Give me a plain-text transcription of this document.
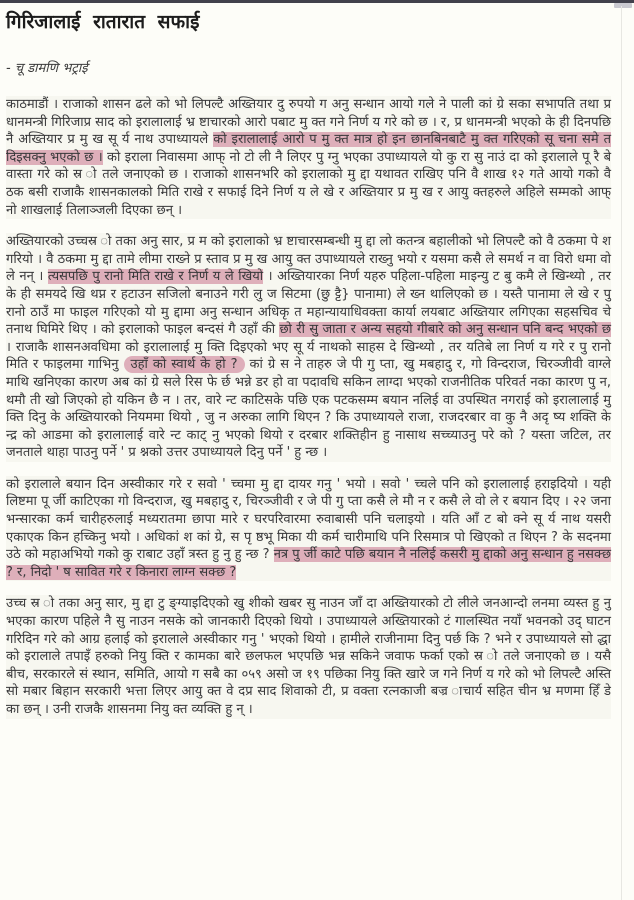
गिरिजालाई रातारात सफाई
- चू डामणि भट्राई

काठमाडौं । राजाको शासन ढले को भो लिपल्टै अख्तियार दु रुपयो ग अनु सन्धान आयो गले ने पाली कां ग्रे सका सभापति तथा प्र धानमन्त्री गिरिजाप्र साद को इरालालाई भ्र ष्टाचारको आरो पबाट मु क्त गने निर्ण य गरे को छ । र, प्र धानमन्त्री भएको के ही दिनपछि नै अख्तियार प्र मु ख सू र्य नाथ उपाध्यायले को इरालालाई आरो प मु क्त मात्र हो इन छानबिनबाटै मु क्त गरिएको सू चना समे त दिइसक्नु भएको छ । को इराला निवासमा आफ् नो टो ली नै लिएर पु ग्नु भएका उपाध्यायले यो कु रा सु नाउं दा को इरालाले पू रै बे वास्ता गरे को स्र ो तले जनाएको छ । राजाको शासनभरि को इरालाको मु द्दा यथावत राखिए पनि वै शाख १२ गते आयो गको वै ठक बसी राजाकै शासनकालको मिति राखे र सफाई दिने निर्ण य ले खे र अख्तियार प्र मु ख र आयु क्तहरुले अहिले सम्मको आफ् नो शाखलाई तिलाञ्जली दिएका छन् ।

अख्तियारको उच्चस्र ो तका अनु सार, प्र म को इरालाको भ्र ष्टाचारसम्बन्धी मु द्दा लो कतन्त्र बहालीको भो लिपल्टै को वै ठकमा पे श गरियो । वै ठकमा मु द्दा तामे लीमा राख्ने प्र स्ताव प्र मु ख आयु क्त उपाध्यायले राख्नु भयो र यसमा कसै ले समर्थ न वा विरो धमा वो ले नन् । त्यसपछि पु रानो मिति राखे र निर्ण य ले खियो । अख्तियारका निर्ण यहरु पहिला-पहिला माइन्यु ट बु कमै ले खिन्थ्यो , तर के ही समयदे खि थप्न र हटाउन सजिलो बनाउने गरी लु ज सिटमा (छु ट्टै} पानामा) ले ख्न थालिएको छ । यस्तै पानामा ले खे र पु रानो ठाउँ मा फाइल गरिएको यो मु द्दामा अनु सन्धान अधिकृ त महान्यायाधिवक्ता कार्या लयबाट अख्तियार लगिएका सहसचिव चे तनाथ घिमिरे थिए । को इरालाको फाइल बन्दसं गै उहाँ की छो री सु जाता र अन्य सहयो गीबारे को अनु सन्धान पनि बन्द भएको छ । राजाकै शासनअवधिमा को इरालालाई मु क्ति दिइएको भए सू र्य नाथको साहस दे खिन्थ्यो , तर यतिबे ला निर्ण य गरे र पु रानो मिति र फाइलमा गाभिनु उहाँ को स्वार्थ के हो ? कां ग्रे स ने ताहरु जे पी गु प्ता, खु मबहादु र, गो विन्दराज, चिरञ्जीवी वाग्ले माथि खनिएका कारण अब कां ग्रे सले रिस फे र्छ भन्ने डर हो वा पदावधि सकिन लाग्दा भएको राजनीतिक परिवर्त नका कारण पु न, थमौ ती खो जिएको हो यकिन छै न । तर, वारे न्ट काटिसके पछि एक पटकसम्म बयान नलिई वा उपस्थित नगराई को इरालालाई मु क्ति दिनु के अख्तियारको नियममा थियो , जु न अरुका लागि थिएन ? कि उपाध्यायले राजा, राजदरबार वा कु नै अदृ ष्य शक्ति के न्द्र को आडमा को इरालालाई वारे न्ट काट् नु भएको थियो र दरबार शक्तिहीन हु नासाथ सच्च्याउनु परे को ? यस्ता जटिल, तर जनताले थाहा पाउनु पर्ने ' प्र श्नको उत्तर उपाध्यायले दिनु पर्ने ' हु न्छ ।

को इरालाले बयान दिन अस्वीकार गरे र सवो ' च्चमा मु द्दा दायर गनु ' भयो । सवो ' च्चले पनि को इरालालाई हराइदियो । यही लिष्टमा पू र्जी काटिएका गो विन्दराज, खु मबहादु र, चिरञ्जीवी र जे पी गु प्ता कसै ले मौ न र कसै ले वो ले र बयान दिए । २२ जना भन्सारका कर्म चारीहरुलाई मध्यरातमा छापा मारे र घरपरिवारमा रुवाबासी पनि चलाइयो । यति आँ ट बो क्ने सू र्य नाथ यसरी एकाएक किन हच्किनु भयो । अधिकां श कां ग्रे, स पृ ष्ठभू मिका यी कर्म चारीमाथि पनि रिसमात्र पो खिएको त थिएन ? के सदनमा उठे को महाअभियो गको कु राबाट उहाँ त्रस्त हु नु हु न्छ ? नत्र पु र्जी काटे पछि बयान नै नलिई कसरी मु द्दाको अनु सन्धान हु नसक्छ ? र, निदो ' ष सावित गरे र किनारा लाग्न सक्छ ?

उच्च स्र ो तका अनु सार, मु द्दा टु ङ्ग्याइदिएको खु शीको खबर सु नाउन जाँ दा अख्तियारको टो लीले जनआन्दो लनमा व्यस्त हु नु भएका कारण पहिले नै सु नाउन नसके को जानकारी दिएको थियो । उपाध्यायले अख्तियारको टं गालस्थित नयाँ भवनको उद् घाटन गरिदिन गरे को आग्र हलाई को इरालाले अस्वीकार गनु ' भएको थियो । हामीले राजीनामा दिनु पर्छ कि ? भने र उपाध्यायले सो द्धा को इरालाले तपाइँ हरुको नियु क्ति र कामका बारे छलफल भएपछि भन्न सकिने जवाफ फर्का एको स्र ो तले जनाएको छ । यसै बीच, सरकारले सं स्थान, समिति, आयो ग सबै का ०५९ असो ज १९ पछिका नियु क्ति खारे ज गने निर्ण य गरे को भो लिपल्टै अस्ति सो मबार बिहान सरकारी भत्ता लिएर आयु क्त वे दप्र साद शिवाको टी, प्र वक्ता रत्नकाजी बज्र ाचार्य सहित चीन भ्र मणमा हिँ डे का छन् । उनी राजकै शासनमा नियु क्त व्यक्ति हु न् ।
